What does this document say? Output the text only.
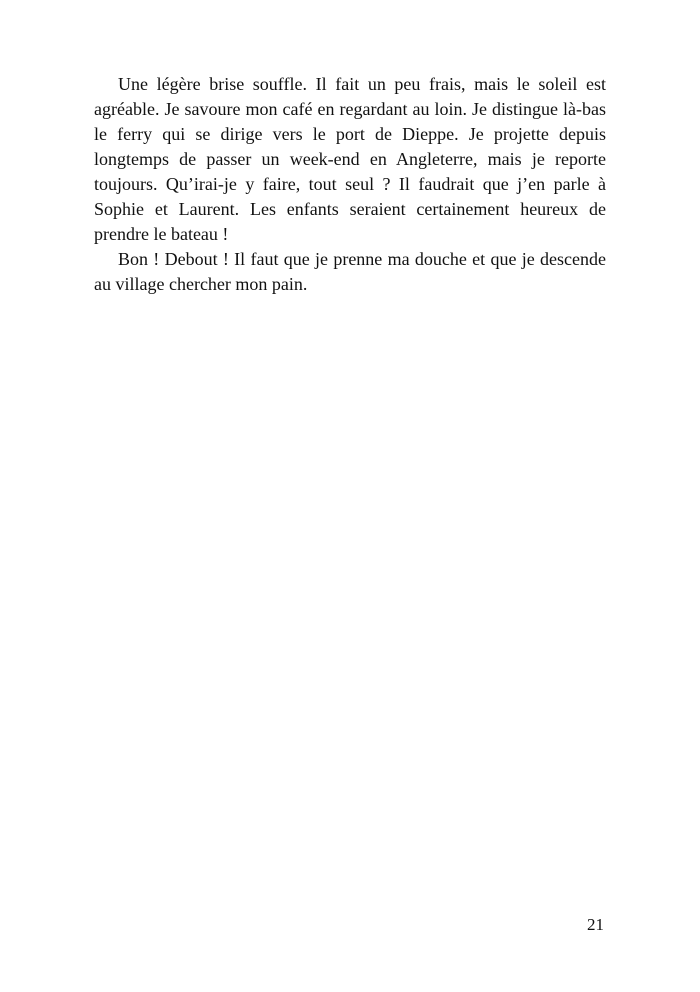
Une légère brise souffle. Il fait un peu frais, mais le soleil est agréable. Je savoure mon café en regardant au loin. Je distingue là-bas le ferry qui se dirige vers le port de Dieppe. Je projette depuis longtemps de passer un week-end en Angleterre, mais je reporte toujours. Qu’irai-je y faire, tout seul ? Il faudrait que j’en parle à Sophie et Laurent. Les enfants seraient certainement heureux de prendre le bateau !

Bon ! Debout ! Il faut que je prenne ma douche et que je descende au village chercher mon pain.

21
